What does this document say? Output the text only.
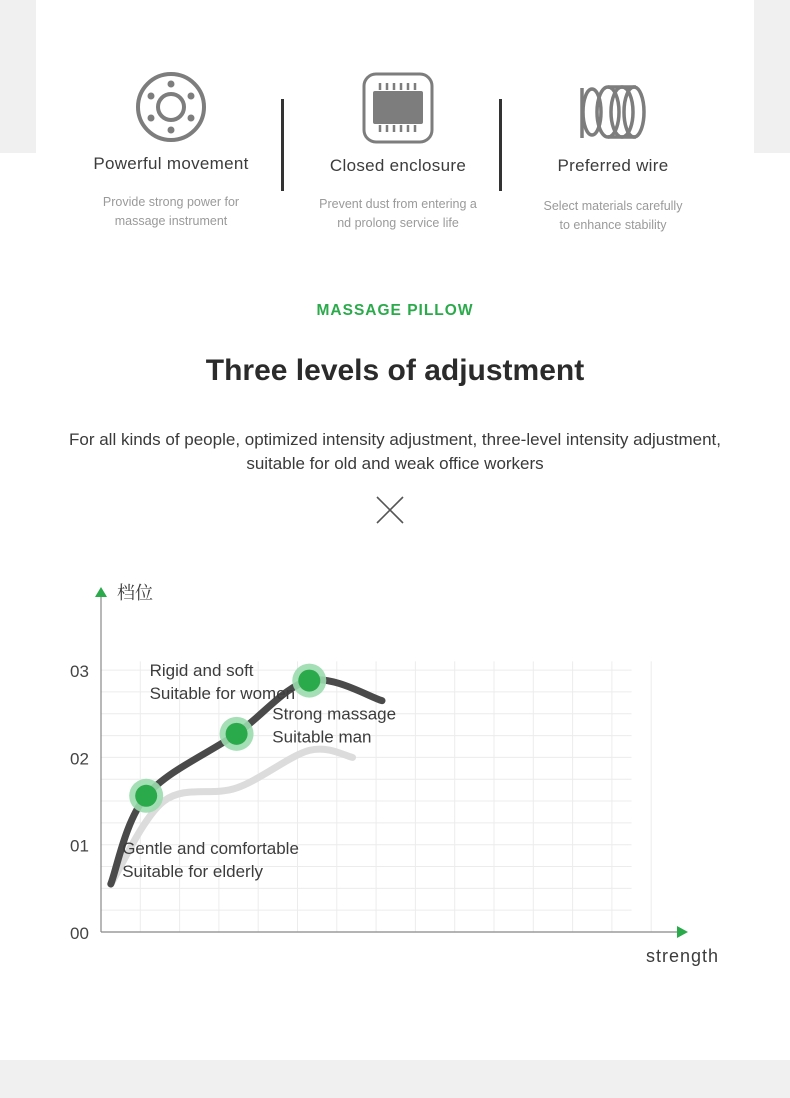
Powerful movement
Provide strong power for
massage instrument
Closed enclosure
Prevent dust from entering a
nd prolong service life
Preferred wire
Select materials carefully
to enhance stability
MASSAGE PILLOW
Three levels of adjustment
For all kinds of people, optimized intensity adjustment, three-level intensity adjustment,
suitable for old and weak office workers
档位
strength
00
01
02
03
Gentle and comfortable
Suitable for elderly
Rigid and soft
Suitable for women
Strong massage
Suitable man
